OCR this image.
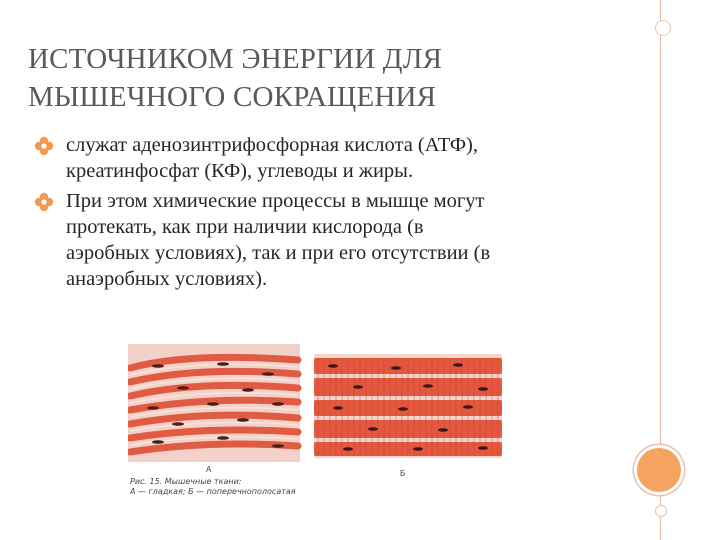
ИСТОЧНИКОМ ЭНЕРГИИ ДЛЯ
МЫШЕЧНОГО СОКРАЩЕНИЯ
служат аденозинтрифосфорная кислота (АТФ),
креатинфосфат (КФ), углеводы и жиры.
При этом химические процессы в мышце могут
протекать, как при наличии кислорода (в
аэробных условиях), так и при его отсутствии (в
анаэробных условиях).
А	Б
Рис. 15. Мышечные ткани:
А — гладкая; Б — поперечнополосатая
